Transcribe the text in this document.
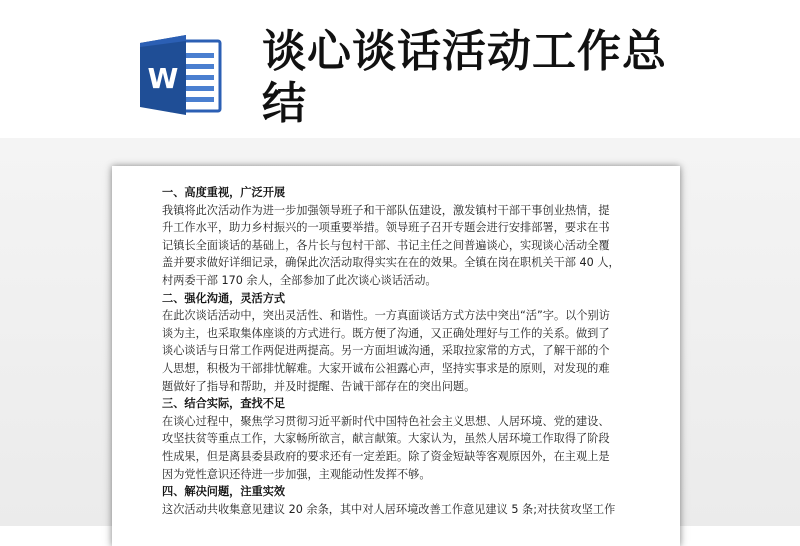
W
谈心谈话活动工作总
结

一、高度重视，广泛开展

我镇将此次活动作为进一步加强领导班子和干部队伍建设，激发镇村干部干事创业热情，提

升工作水平，助力乡村振兴的一项重要举措。领导班子召开专题会进行安排部署，要求在书

记镇长全面谈话的基础上，各片长与包村干部、书记主任之间普遍谈心，实现谈心活动全覆

盖并要求做好详细记录，确保此次活动取得实实在在的效果。全镇在岗在职机关干部 40 人，

村两委干部 170 余人，全部参加了此次谈心谈话活动。

二、强化沟通，灵活方式

在此次谈话活动中，突出灵活性、和谐性。一方真面谈话方式方法中突出“活”字。以个别访

谈为主，也采取集体座谈的方式进行。既方便了沟通，又正确处理好与工作的关系。做到了

谈心谈话与日常工作两促进两提高。另一方面坦诚沟通，采取拉家常的方式，了解干部的个

人思想，积极为干部排忧解难。大家开诚布公袒露心声，坚持实事求是的原则，对发现的难

题做好了指导和帮助，并及时提醒、告诫干部存在的突出问题。

三、结合实际，查找不足

在谈心过程中，聚焦学习贯彻习近平新时代中国特色社会主义思想、人居环境、党的建设、

攻坚扶贫等重点工作，大家畅所欲言，献言献策。大家认为，虽然人居环境工作取得了阶段

性成果，但是离县委县政府的要求还有一定差距。除了资金短缺等客观原因外，在主观上是

因为党性意识还待进一步加强，主观能动性发挥不够。

四、解决问题，注重实效

这次活动共收集意见建议 20 余条，其中对人居环境改善工作意见建议 5 条;对扶贫攻坚工作
